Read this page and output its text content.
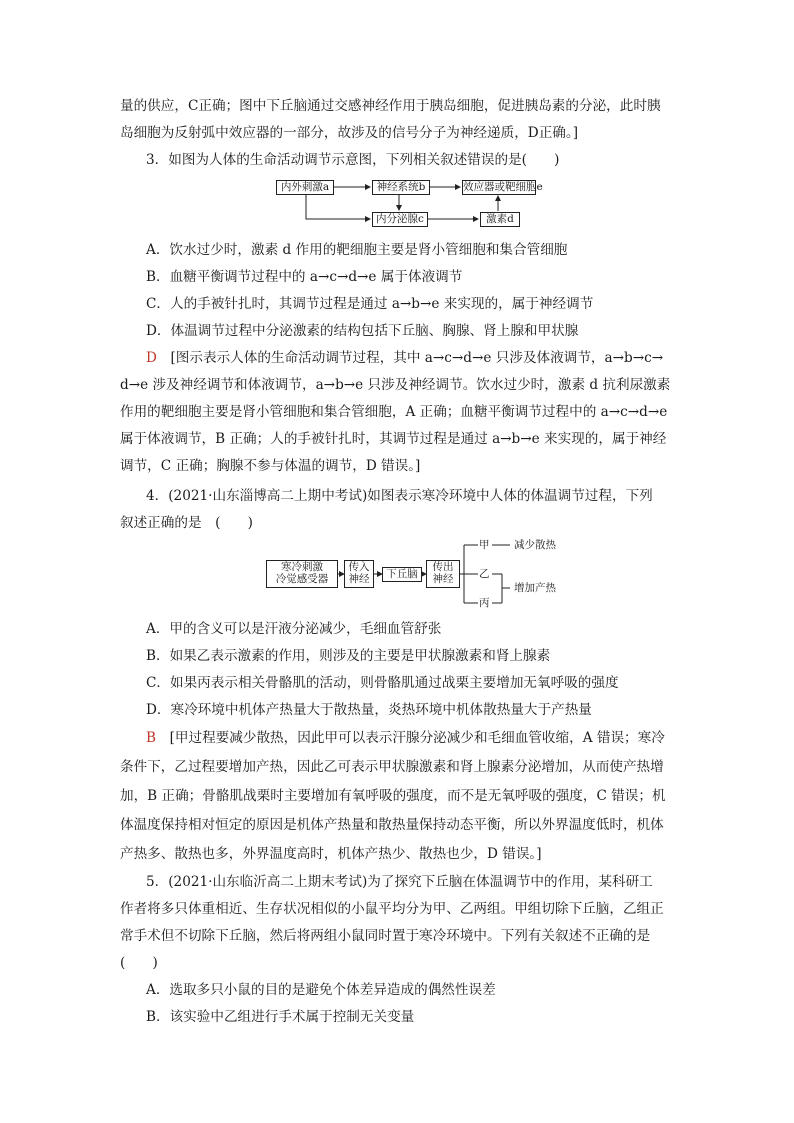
量的供应，C正确；图中下丘脑通过交感神经作用于胰岛细胞，促进胰岛素的分泌，此时胰
岛细胞为反射弧中效应器的一部分，故涉及的信号分子为神经递质，D正确。]
3．如图为人体的生命活动调节示意图，下列相关叙述错误的是(　　)
内外刺激a	神经系统b	效应器或靶细胞e
内分泌腺c	激素d
A．饮水过少时，激素 d 作用的靶细胞主要是肾小管细胞和集合管细胞
B．血糖平衡调节过程中的 a→c→d→e 属于体液调节
C．人的手被针扎时，其调节过程是通过 a→b→e 来实现的，属于神经调节
D．体温调节过程中分泌激素的结构包括下丘脑、胸腺、肾上腺和甲状腺
D　[图示表示人体的生命活动调节过程，其中 a→c→d→e 只涉及体液调节，a→b→c→
d→e 涉及神经调节和体液调节，a→b→e 只涉及神经调节。饮水过少时，激素 d 抗利尿激素
作用的靶细胞主要是肾小管细胞和集合管细胞，A 正确；血糖平衡调节过程中的 a→c→d→e
属于体液调节，B 正确；人的手被针扎时，其调节过程是通过 a→b→e 来实现的，属于神经
调节，C 正确；胸腺不参与体温的调节，D 错误。]
4．(2021·山东淄博高二上期中考试)如图表示寒冷环境中人体的体温调节过程，下列
叙述正确的是　(　　)
寒冷刺激
冷觉感受器
传入
神经	下丘脑
传出
神经
甲
乙
丙
减少散热
增加产热
A．甲的含义可以是汗液分泌减少，毛细血管舒张
B．如果乙表示激素的作用，则涉及的主要是甲状腺激素和肾上腺素
C．如果丙表示相关骨骼肌的活动，则骨骼肌通过战栗主要增加无氧呼吸的强度
D．寒冷环境中机体产热量大于散热量，炎热环境中机体散热量大于产热量
B　[甲过程要减少散热，因此甲可以表示汗腺分泌减少和毛细血管收缩，A 错误；寒冷
条件下，乙过程要增加产热，因此乙可表示甲状腺激素和肾上腺素分泌增加，从而使产热增
加，B 正确；骨骼肌战栗时主要增加有氧呼吸的强度，而不是无氧呼吸的强度，C 错误；机
体温度保持相对恒定的原因是机体产热量和散热量保持动态平衡，所以外界温度低时，机体
产热多、散热也多，外界温度高时，机体产热少、散热也少，D 错误。]
5．(2021·山东临沂高二上期末考试)为了探究下丘脑在体温调节中的作用，某科研工
作者将多只体重相近、生存状况相似的小鼠平均分为甲、乙两组。甲组切除下丘脑，乙组正
常手术但不切除下丘脑，然后将两组小鼠同时置于寒冷环境中。下列有关叙述不正确的是
(　　)
A．选取多只小鼠的目的是避免个体差异造成的偶然性误差
B．该实验中乙组进行手术属于控制无关变量
